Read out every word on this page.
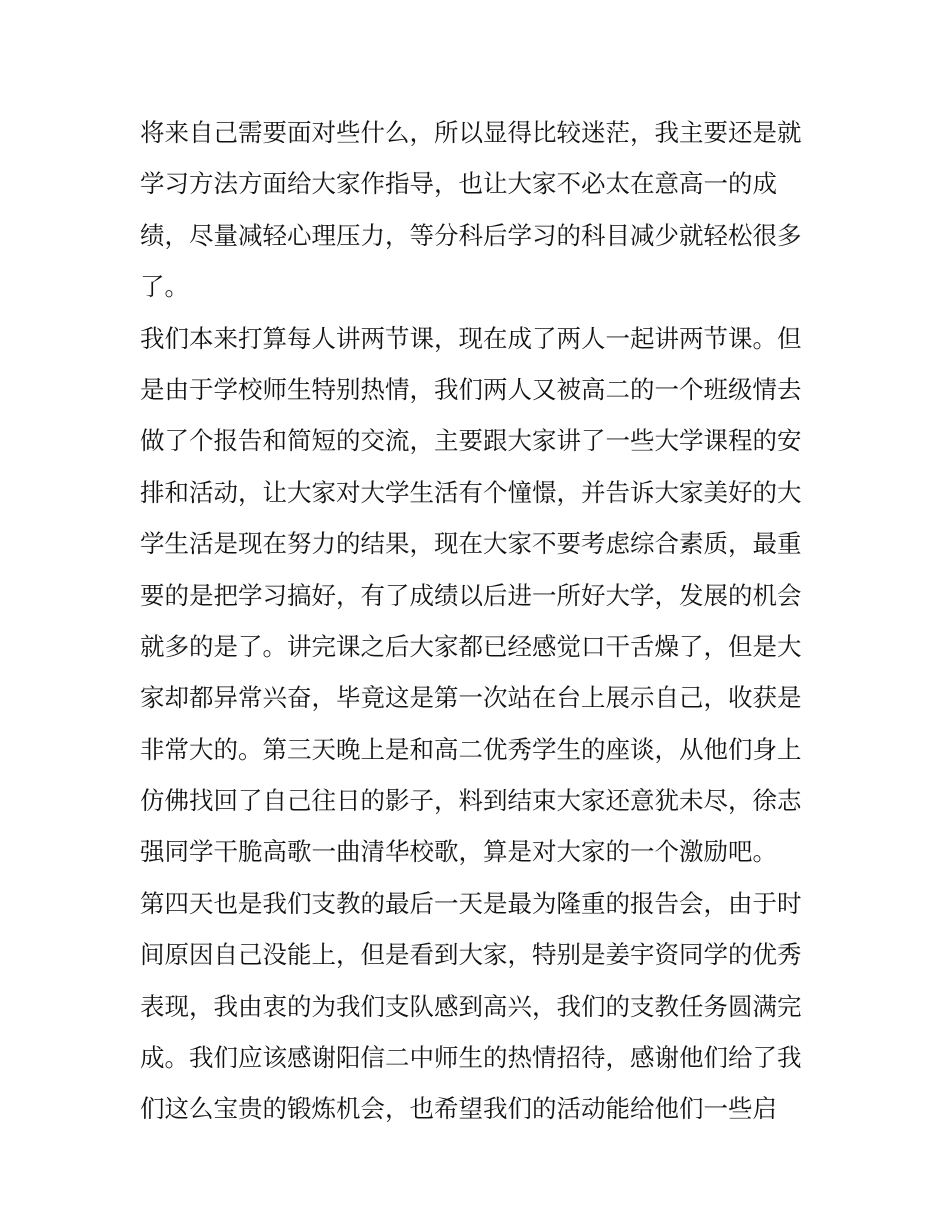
将来自己需要面对些什么，所以显得比较迷茫，我主要还是就
学习方法方面给大家作指导，也让大家不必太在意高一的成
绩，尽量减轻心理压力，等分科后学习的科目减少就轻松很多
了。
我们本来打算每人讲两节课，现在成了两人一起讲两节课。但
是由于学校师生特别热情，我们两人又被高二的一个班级情去
做了个报告和简短的交流，主要跟大家讲了一些大学课程的安
排和活动，让大家对大学生活有个憧憬，并告诉大家美好的大
学生活是现在努力的结果，现在大家不要考虑综合素质，最重
要的是把学习搞好，有了成绩以后进一所好大学，发展的机会
就多的是了。讲完课之后大家都已经感觉口干舌燥了，但是大
家却都异常兴奋，毕竟这是第一次站在台上展示自己，收获是
非常大的。第三天晚上是和高二优秀学生的座谈，从他们身上
仿佛找回了自己往日的影子，料到结束大家还意犹未尽，徐志
强同学干脆高歌一曲清华校歌，算是对大家的一个激励吧。
第四天也是我们支教的最后一天是最为隆重的报告会，由于时
间原因自己没能上，但是看到大家，特别是姜宇资同学的优秀
表现，我由衷的为我们支队感到高兴，我们的支教任务圆满完
成。我们应该感谢阳信二中师生的热情招待，感谢他们给了我
们这么宝贵的锻炼机会，也希望我们的活动能给他们一些启
